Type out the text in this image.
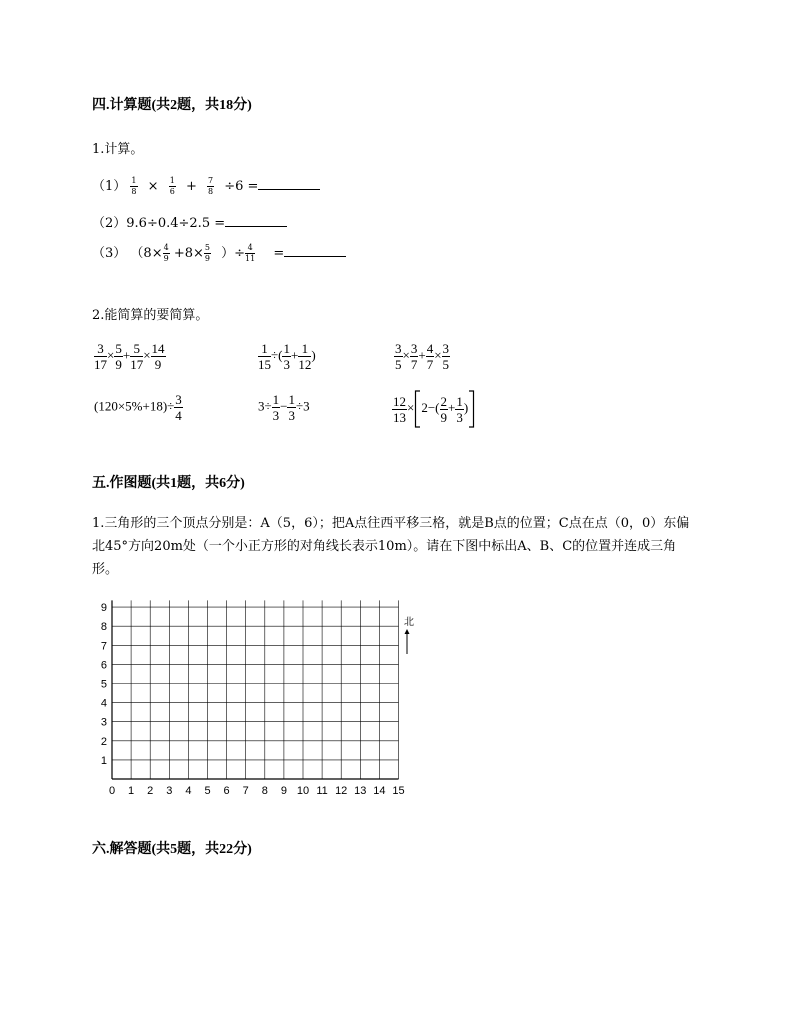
四.计算题(共2题，共18分)
1.计算。
$(1) \frac{1}{8} \times \frac{1}{6} + \frac{7}{8} \div 6$ =
（2）9.6÷0.4÷2.5 =
（3） （$8\times \frac{4}{9} +8\times \frac{5}{9}$ ）÷ $\frac{4}{11}$ =
2.能简算的要简算。
$\frac{3}{17} \times \frac{5}{9} + \frac{5}{17} \times \frac{14}{9}$	$\frac{1}{15}$ ÷( $\frac{1}{3} + \frac{1}{12}$ )	$\frac{3}{5} \times \frac{3}{7} + \frac{4}{7} \times \frac{3}{5}$
$(120\times 5\%+18)\div \frac{3}{4}$	$3\div \frac{1}{3} - \frac{1}{3} \div 3$	$\frac{12}{13} \times 2-( \frac{2}{9} + \frac{1}{3}$ )
五.作图题(共1题，共6分)
1.三角形的三个顶点分别是：A（5，6）；把A点往西平移三格，就是B点的位置；C点在点（0，0）东偏北45°方向20m处（一个小正方形的对角线长表示10m）。请在下图中标出A、B、C的位置并连成三角形。
0 1 2 3 4 5 6 7 8 9 10 11 12 13 14 15
1
2
3
4
5
6
7
8
9
北
六.解答题(共5题，共22分)
